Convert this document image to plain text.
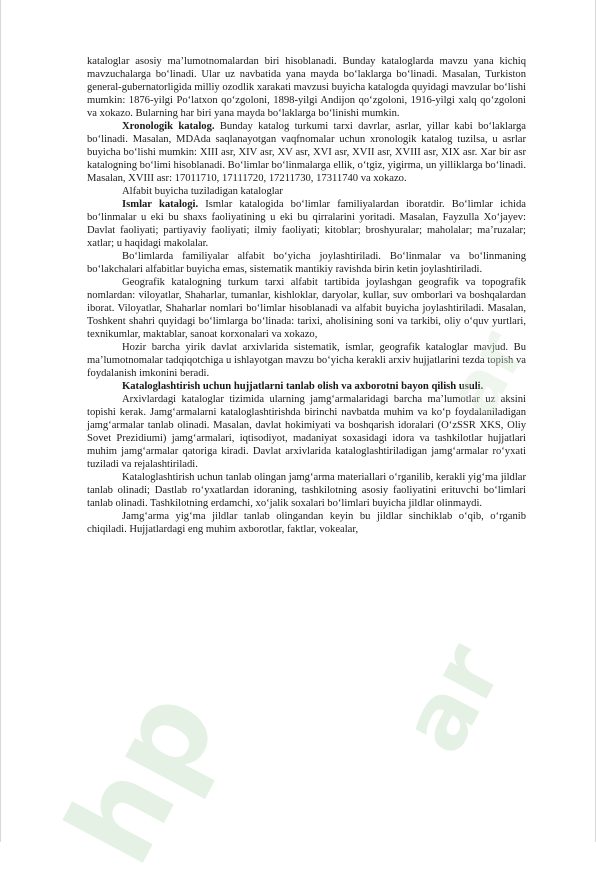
kataloglar asosiy ma’lumotnomalardan biri hisoblanadi. Bunday kataloglarda mavzu yana kichiq mavzuchalarga bo‘linadi. Ular uz navbatida yana mayda bo‘laklarga bo‘linadi. Masalan, Turkiston general-gubernatorligida milliy ozodlik xarakati mavzusi buyicha katalogda quyidagi mavzular bo‘lishi mumkin: 1876-yilgi Po‘latxon qo‘zgoloni, 1898-yilgi Andijon qo‘zgoloni, 1916-yilgi xalq qo‘zgoloni va xokazo. Bularning har biri yana mayda bo‘laklarga bo‘linishi mumkin.

Xronologik katalog. Bunday katalog turkumi tarxi davrlar, asrlar, yillar kabi bo‘laklarga bo‘linadi. Masalan, MDAda saqlanayotgan vaqfnomalar uchun xronologik katalog tuzilsa, u asrlar buyicha bo‘lishi mumkin: XIII asr, XIV asr, XV asr, XVI asr, XVII asr, XVIII asr, XIX asr. Xar bir asr katalogning bo‘limi hisoblanadi. Bo‘limlar bo‘linmalarga ellik, o‘tgiz, yigirma, un yilliklarga bo‘linadi. Masalan, XVIII asr: 17011710, 17111720, 17211730, 17311740 va xokazo.

Alfabit buyicha tuziladigan kataloglar

Ismlar katalogi. Ismlar katalogida bo‘limlar familiyalardan iboratdir. Bo‘limlar ichida bo‘linmalar u eki bu shaxs faoliyatining u eki bu qirralarini yoritadi. Masalan, Fayzulla Xo‘jayev: Davlat faoliyati; partiyaviy faoliyati; ilmiy faoliyati; kitoblar; broshyuralar; maholalar; ma’ruzalar; xatlar; u haqidagi makolalar.

Bo‘limlarda familiyalar alfabit bo‘yicha joylashtiriladi. Bo‘linmalar va bo‘linmaning bo‘lakchalari alfabitlar buyicha emas, sistematik mantikiy ravishda birin ketin joylashtiriladi.

Geografik katalogning turkum tarxi alfabit tartibida joylashgan geografik va topografik nomlardan: viloyatlar, Shaharlar, tumanlar, kishloklar, daryolar, kullar, suv omborlari va boshqalardan iborat. Viloyatlar, Shaharlar nomlari bo‘limlar hisoblanadi va alfabit buyicha joylashtiriladi. Masalan, Toshkent shahri quyidagi bo‘limlarga bo‘linada: tarixi, aholisining soni va tarkibi, oliy o‘quv yurtlari, texnikumlar, maktablar, sanoat korxonalari va xokazo,

Hozir barcha yirik davlat arxivlarida sistematik, ismlar, geografik kataloglar mavjud. Bu ma’lumotnomalar tadqiqotchiga u ishlayotgan mavzu bo‘yicha kerakli arxiv hujjatlarini tezda topish va foydalanish imkonini beradi.

Kataloglashtirish uchun hujjatlarni tanlab olish va axborotni bayon qilish usuli.

Arxivlardagi kataloglar tizimida ularning jamg‘armalaridagi barcha ma’lumotlar uz aksini topishi kerak. Jamg‘armalarni kataloglashtirishda birinchi navbatda muhim va ko‘p foydalaniladigan jamg‘armalar tanlab olinadi. Masalan, davlat hokimiyati va boshqarish idoralari (O‘zSSR XKS, Oliy Sovet Prezidiumi) jamg‘armalari, iqtisodiyot, madaniyat soxasidagi idora va tashkilotlar hujjatlari muhim jamg‘armalar qatoriga kiradi. Davlat arxivlarida kataloglashtiriladigan jamg‘armalar ro‘yxati tuziladi va rejalashtiriladi.

Kataloglashtirish uchun tanlab olingan jamg‘arma materiallari o‘rganilib, kerakli yig‘ma jildlar tanlab olinadi; Dastlab ro‘yxatlardan idoraning, tashkilotning asosiy faoliyatini erituvchi bo‘limlari tanlab olinadi. Tashkilotning erdamchi, xo‘jalik soxalari bo‘limlari buyicha jildlar olinmaydi.

Jamg‘arma yig‘ma jildlar tanlab olingandan keyin bu jildlar sinchiklab o‘qib, o‘rganib chiqiladi. Hujjatlardagi eng muhim axborotlar, faktlar, vokealar,

hp ar
ar
